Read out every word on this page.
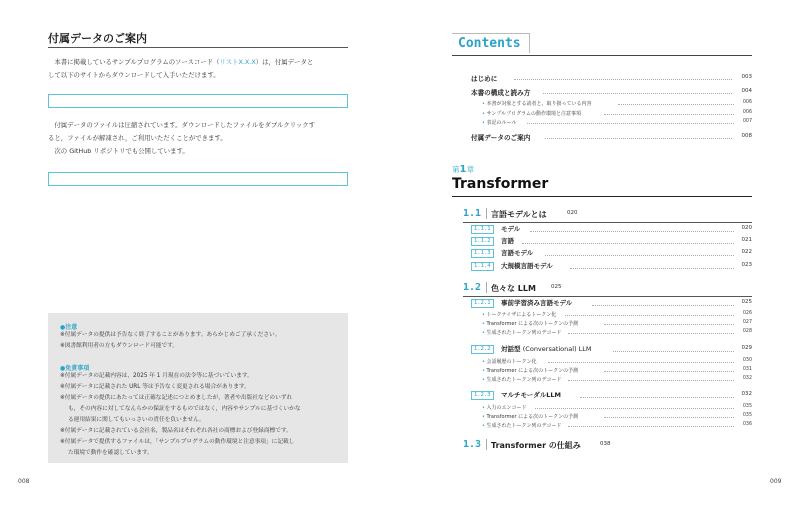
付属データのご案内
　本書に掲載しているサンプルプログラムのソースコード（リストX.X.X）は，付属データと
して以下のサイトからダウンロードして入手いただけます。
　付属データのファイルは圧縮されています。ダウンロードしたファイルをダブルクリックす
ると，ファイルが解凍され，ご利用いただくことができます。
　次の GitHub リポジトリでも公開しています。
●注意
※付属データの提供は予告なく終了することがあります。あらかじめご了承ください。
※図書館利用者の方もダウンロード可能です。
●免責事項
※付属データの記載内容は，2025 年 1 月現在の法令等に基づいています。
※付属データに記載された URL 等は予告なく変更される場合があります。
※付属データの提供にあたっては正確な記述につとめましたが，著者や出版社などのいずれ
も，その内容に対してなんらかの保証をするものではなく，内容やサンプルに基づくいかな
る運用結果に関してもいっさいの責任を負いません。
※付属データに記載されている会社名，製品名はそれぞれ各社の商標および登録商標です。
※付属データで提供するファイルは，「サンプルプログラムの動作環境と注意事項」に記載し
た環境で動作を確認しています。
008
Contents
はじめに	003
本書の構成と読み方	004
• 本書が対象とする読者と、取り扱っている内容	006
• サンプルプログラムの動作環境と注意事項	006
• 表記のルール	007
付属データのご案内	008
第1章
Transformer
1.1 言語モデルとは	020
1.1.1	モデル	020
1.1.2	言語	021
1.1.3	言語モデル	022
1.1.4	大規模言語モデル	023
1.2 色々な LLM	025
1.2.1	事前学習済み言語モデル	025
• トークナイザによるトークン化	026
• Transformer による次のトークンの予測	027
• 生成されたトークン列のデコード	028
1.2.2	対話型 (Conversational) LLM	029
• 会話履歴のトークン化	030
• Transformer による次のトークンの予測	031
• 生成されたトークン列のデコード	032
1.2.3	マルチモーダルLLM	032
• 入力のエンコード	035
• Transformer による次のトークンの予測	035
• 生成されたトークン列のデコード	036
1.3 Transformer の仕組み	038
009
